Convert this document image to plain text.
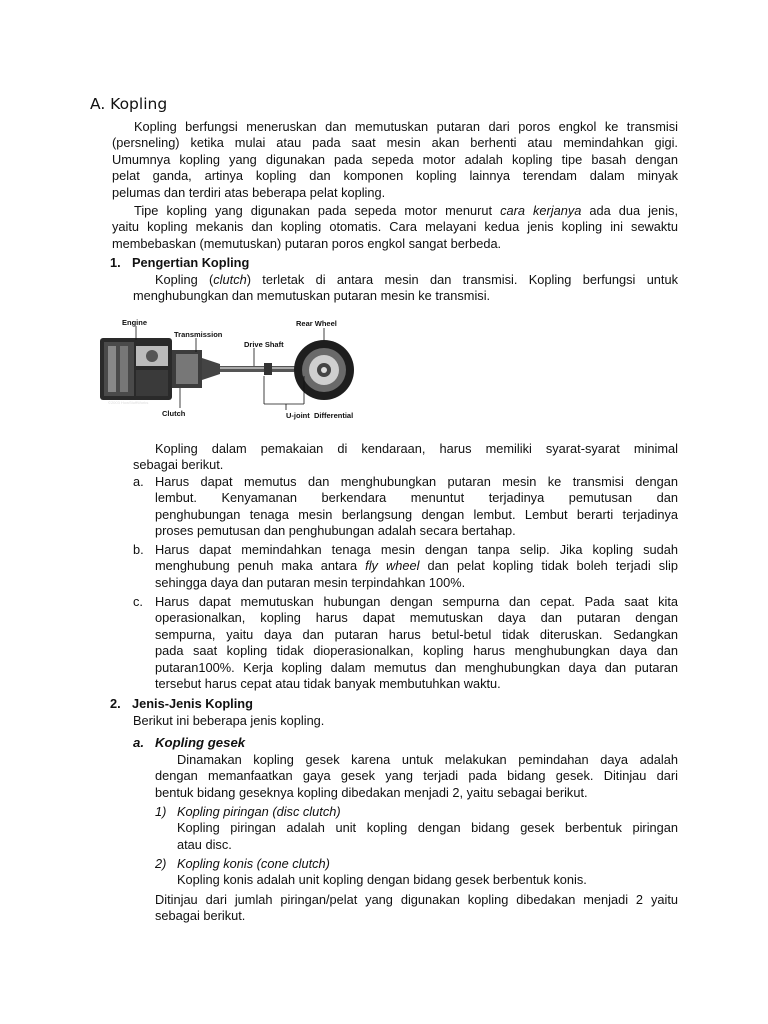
A. Kopling
Kopling berfungsi meneruskan dan memutuskan putaran dari poros engkol ke transmisi
(persneling) ketika mulai atau pada saat mesin akan berhenti atau memindahkan gigi.
Umumnya kopling yang digunakan pada sepeda motor adalah kopling tipe basah dengan
pelat ganda, artinya kopling dan komponen kopling lainnya terendam dalam minyak
pelumas dan terdiri atas beberapa pelat kopling.
Tipe kopling yang digunakan pada sepeda motor menurut cara kerjanya ada dua jenis,
yaitu kopling mekanis dan kopling otomatis. Cara melayani kedua jenis kopling ini sewaktu
membebaskan (memutuskan) putaran poros engkol sangat berbeda.
1. Pengertian Kopling
Kopling (clutch) terletak di antara mesin dan transmisi. Kopling berfungsi untuk
menghubungkan dan memutuskan putaran mesin ke transmisi.
Engine
Transmission
Drive Shaft
Rear Wheel
Clutch	U-joint Differential
©2003 HowStuffWorks
Kopling dalam pemakaian di kendaraan, harus memiliki syarat-syarat minimal
sebagai berikut.
a. Harus dapat memutus dan menghubungkan putaran mesin ke transmisi dengan
lembut. Kenyamanan berkendara menuntut terjadinya pemutusan dan
penghubungan tenaga mesin berlangsung dengan lembut. Lembut berarti terjadinya
proses pemutusan dan penghubungan adalah secara bertahap.
b. Harus dapat memindahkan tenaga mesin dengan tanpa selip. Jika kopling sudah
menghubung penuh maka antara fly wheel dan pelat kopling tidak boleh terjadi slip
sehingga daya dan putaran mesin terpindahkan 100%.
c. Harus dapat memutuskan hubungan dengan sempurna dan cepat. Pada saat kita
operasionalkan, kopling harus dapat memutuskan daya dan putaran dengan
sempurna, yaitu daya dan putaran harus betul-betul tidak diteruskan. Sedangkan
pada saat kopling tidak dioperasionalkan, kopling harus menghubungkan daya dan
putaran100%. Kerja kopling dalam memutus dan menghubungkan daya dan putaran
tersebut harus cepat atau tidak banyak membutuhkan waktu.
2. Jenis-Jenis Kopling
Berikut ini beberapa jenis kopling.
a. Kopling gesek
Dinamakan kopling gesek karena untuk melakukan pemindahan daya adalah
dengan memanfaatkan gaya gesek yang terjadi pada bidang gesek. Ditinjau dari
bentuk bidang geseknya kopling dibedakan menjadi 2, yaitu sebagai berikut.
1) Kopling piringan (disc clutch)
Kopling piringan adalah unit kopling dengan bidang gesek berbentuk piringan
atau disc.
2) Kopling konis (cone clutch)
Kopling konis adalah unit kopling dengan bidang gesek berbentuk konis.
Ditinjau dari jumlah piringan/pelat yang digunakan kopling dibedakan menjadi 2 yaitu
sebagai berikut.
